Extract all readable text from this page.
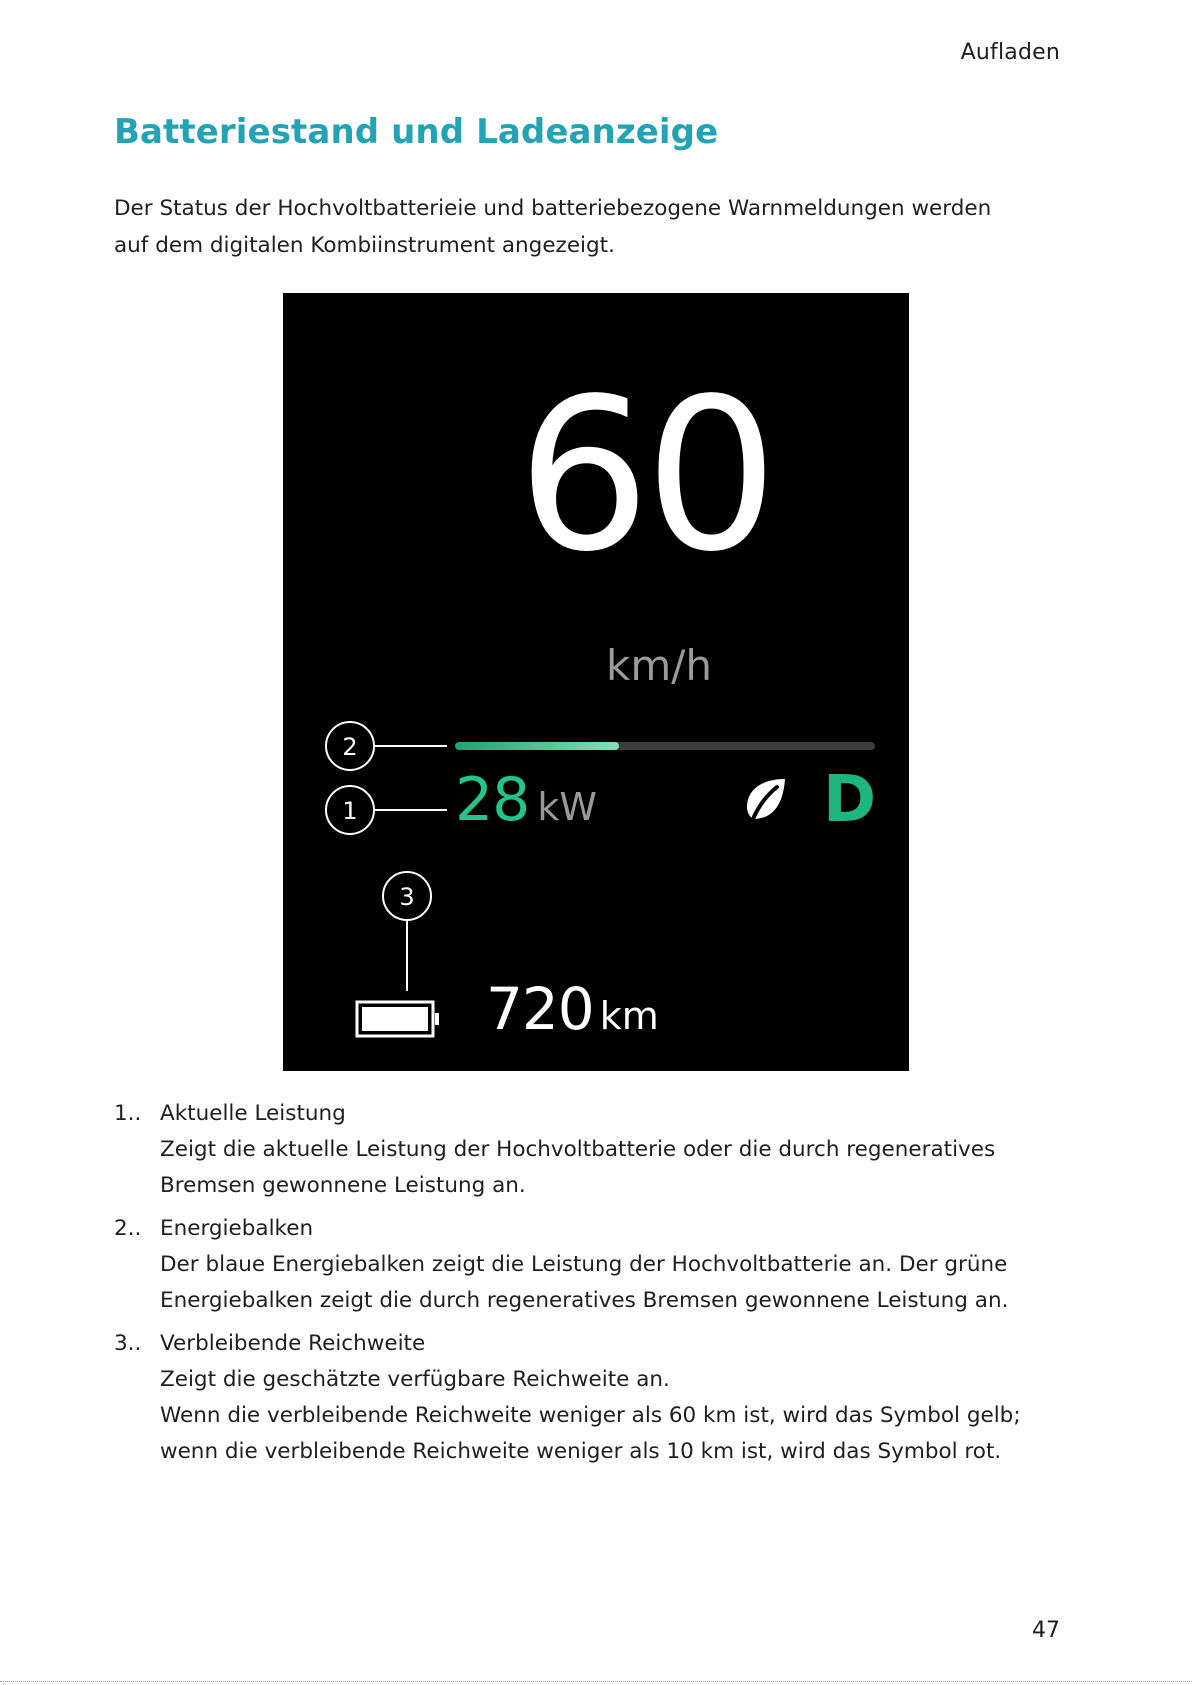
Aufladen
Batteriestand und Ladeanzeige

Der Status der Hochvoltbatterieie und batteriebezogene Warnmeldungen werden
auf dem digitalen Kombiinstrument angezeigt.

60
km/h
28 kW	D
720 km
2
1
3
1.. Aktuelle Leistung
Zeigt die aktuelle Leistung der Hochvoltbatterie oder die durch regeneratives
Bremsen gewonnene Leistung an.
2.. Energiebalken
Der blaue Energiebalken zeigt die Leistung der Hochvoltbatterie an. Der grüne
Energiebalken zeigt die durch regeneratives Bremsen gewonnene Leistung an.
3.. Verbleibende Reichweite
Zeigt die geschätzte verfügbare Reichweite an.
Wenn die verbleibende Reichweite weniger als 60 km ist, wird das Symbol gelb;
wenn die verbleibende Reichweite weniger als 10 km ist, wird das Symbol rot.
47
